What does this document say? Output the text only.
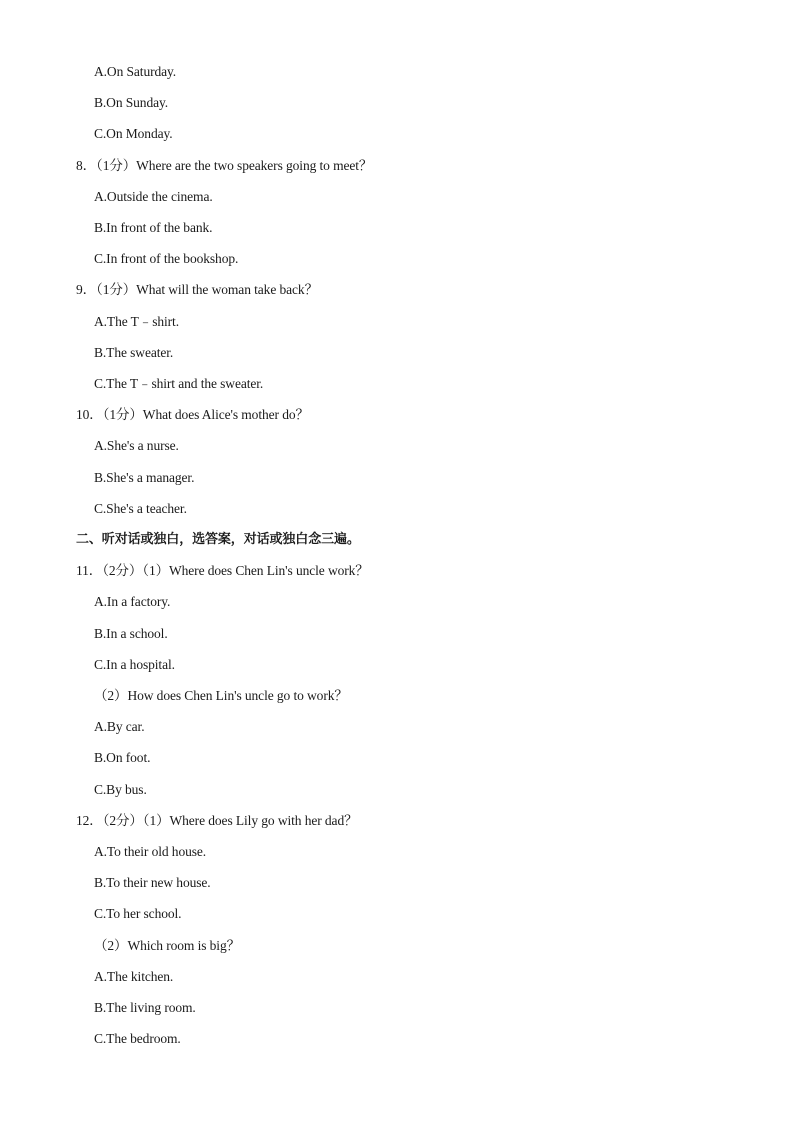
A.On Saturday.
B.On Sunday.
C.On Monday.
8．（1分）Where are the two speakers going to meet？
A.Outside the cinema.
B.In front of the bank.
C.In front of the bookshop.
9．（1分）What will the woman take back？
A.The T﹣shirt.
B.The sweater.
C.The T﹣shirt and the sweater.
10．（1分）What does Alice's mother do？
A.She's a nurse.
B.She's a manager.
C.She's a teacher.
二、听对话或独白，选答案，对话或独白念三遍。
11．（2分）（1）Where does Chen Lin's uncle work？
A.In a factory.
B.In a school.
C.In a hospital.
（2）How does Chen Lin's uncle go to work？
A.By car.
B.On foot.
C.By bus.
12．（2分）（1）Where does Lily go with her dad？
A.To their old house.
B.To their new house.
C.To her school.
（2）Which room is big？
A.The kitchen.
B.The living room.
C.The bedroom.
